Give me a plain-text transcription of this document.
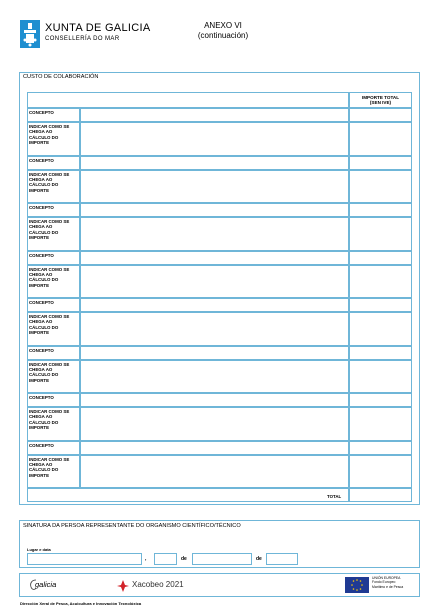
XUNTA DE GALICIA
CONSELLERÍA DO MAR
ANEXO VI
(continuación)
CUSTO DE COLABORACIÓN
IMPORTE TOTAL
(SEN IVE)
CONCEPTO
INDICAR COMO SE
CHEGA AO
CÁLCULO DO
IMPORTE
CONCEPTO
INDICAR COMO SE
CHEGA AO
CÁLCULO DO
IMPORTE
CONCEPTO
INDICAR COMO SE
CHEGA AO
CÁLCULO DO
IMPORTE
CONCEPTO
INDICAR COMO SE
CHEGA AO
CÁLCULO DO
IMPORTE
CONCEPTO
INDICAR COMO SE
CHEGA AO
CÁLCULO DO
IMPORTE
CONCEPTO
INDICAR COMO SE
CHEGA AO
CÁLCULO DO
IMPORTE
CONCEPTO
INDICAR COMO SE
CHEGA AO
CÁLCULO DO
IMPORTE
CONCEPTO
INDICAR COMO SE
CHEGA AO
CÁLCULO DO
IMPORTE
TOTAL
SINATURA DA PERSOA REPRESENTANTE DO ORGANISMO CIENTÍFICO/TÉCNICO
Lugar e data
,	de	de
galicia	Xacobeo 2021
UNIÓN EUROPEA
Fondo Europeo
Marítimo e de Pesca
Dirección Xeral de Pesca, Acuicultura e Innovación Tecnolóxica
